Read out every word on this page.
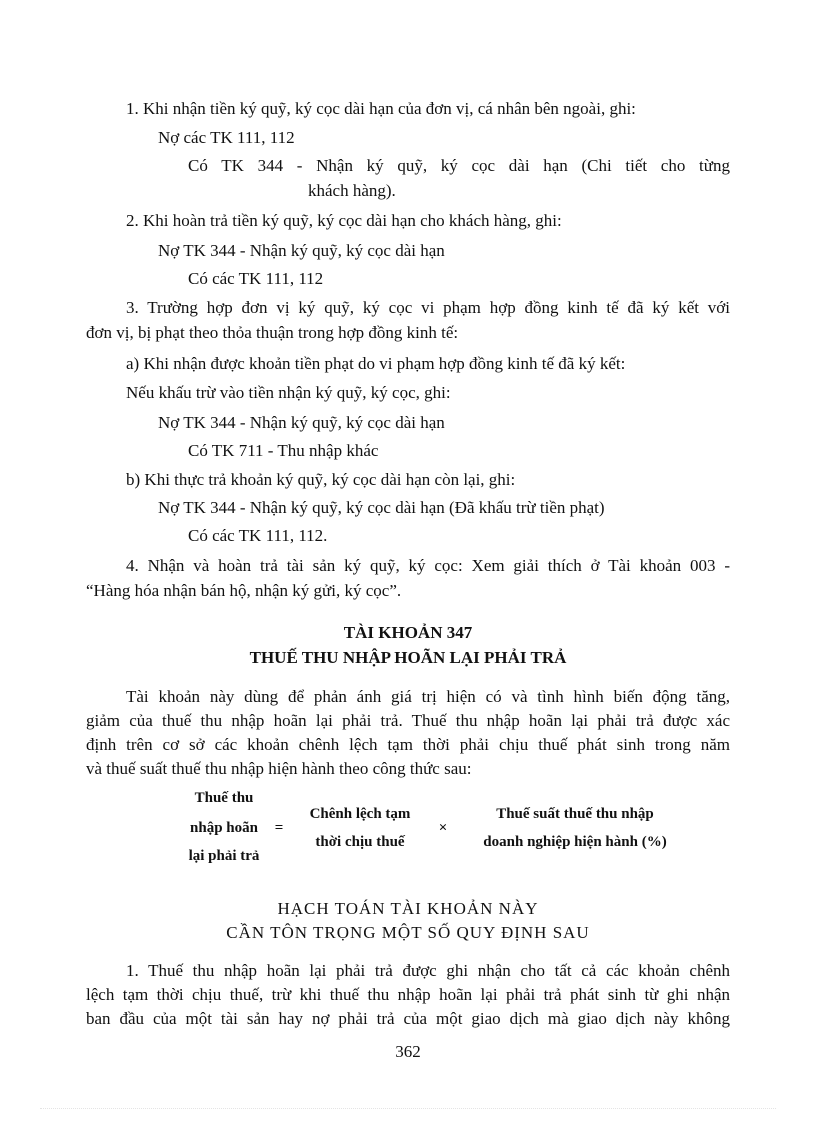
1. Khi nhận tiền ký quỹ, ký cọc dài hạn của đơn vị, cá nhân bên ngoài, ghi:
Nợ các TK 111, 112
Có TK 344 - Nhận ký quỹ, ký cọc dài hạn (Chi tiết cho từng
khách hàng).
2. Khi hoàn trả tiền ký quỹ, ký cọc dài hạn cho khách hàng, ghi:
Nợ TK 344 - Nhận ký quỹ, ký cọc dài hạn
Có các TK 111, 112
3. Trường hợp đơn vị ký quỹ, ký cọc vi phạm hợp đồng kinh tế đã ký kết với
đơn vị, bị phạt theo thỏa thuận trong hợp đồng kinh tế:
a) Khi nhận được khoản tiền phạt do vi phạm hợp đồng kinh tế đã ký kết:
Nếu khấu trừ vào tiền nhận ký quỹ, ký cọc, ghi:
Nợ TK 344 - Nhận ký quỹ, ký cọc dài hạn
Có TK 711 - Thu nhập khác
b) Khi thực trả khoản ký quỹ, ký cọc dài hạn còn lại, ghi:
Nợ TK 344 - Nhận ký quỹ, ký cọc dài hạn (Đã khấu trừ tiền phạt)
Có các TK 111, 112.
4. Nhận và hoàn trả tài sản ký quỹ, ký cọc: Xem giải thích ở Tài khoản 003 -
“Hàng hóa nhận bán hộ, nhận ký gửi, ký cọc”.
TÀI KHOẢN 347
THUẾ THU NHẬP HOÃN LẠI PHẢI TRẢ
Tài khoản này dùng để phản ánh giá trị hiện có và tình hình biến động tăng,
giảm của thuế thu nhập hoãn lại phải trả. Thuế thu nhập hoãn lại phải trả được xác
định trên cơ sở các khoản chênh lệch tạm thời phải chịu thuế phát sinh trong năm
và thuế suất thuế thu nhập hiện hành theo công thức sau:
Thuế thu
nhập hoãn
lại phải trả
=
Chênh lệch tạm
thời chịu thuế
×
Thuế suất thuế thu nhập
doanh nghiệp hiện hành (%)
HẠCH TOÁN TÀI KHOẢN NÀY
CẦN TÔN TRỌNG MỘT SỐ QUY ĐỊNH SAU
1. Thuế thu nhập hoãn lại phải trả được ghi nhận cho tất cả các khoản chênh
lệch tạm thời chịu thuế, trừ khi thuế thu nhập hoãn lại phải trả phát sinh từ ghi nhận
ban đầu của một tài sản hay nợ phải trả của một giao dịch mà giao dịch này không
362
